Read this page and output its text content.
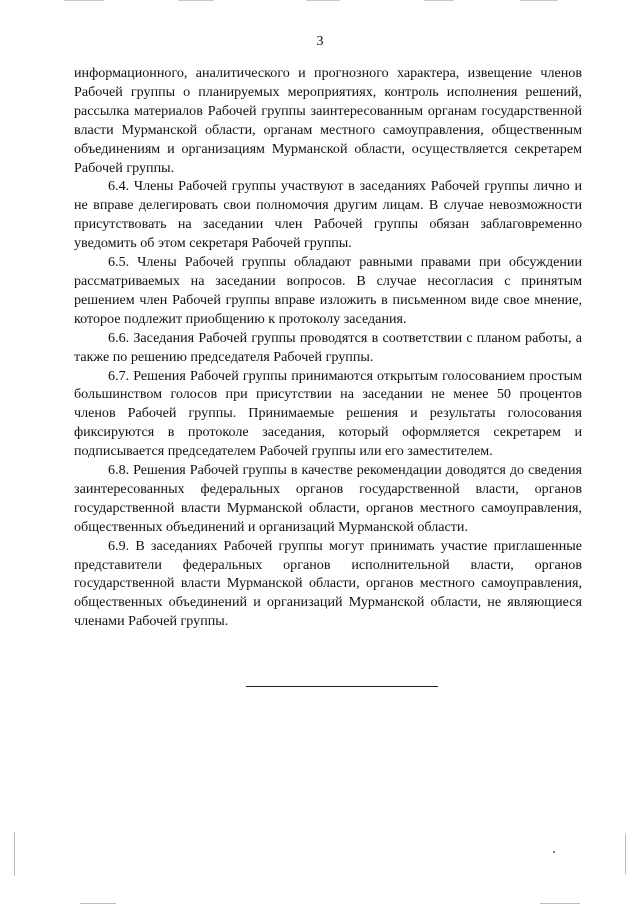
3

информационного, аналитического и прогнозного характера, извещение членов Рабочей группы о планируемых мероприятиях, контроль исполнения решений, рассылка материалов Рабочей группы заинтересованным органам государственной власти Мурманской области, органам местного самоуправления, общественным объединениям и организациям Мурманской области, осуществляется секретарем Рабочей группы.

6.4. Члены Рабочей группы участвуют в заседаниях Рабочей группы лично и не вправе делегировать свои полномочия другим лицам. В случае невозможности присутствовать на заседании член Рабочей группы обязан заблаговременно уведомить об этом секретаря Рабочей группы.

6.5. Члены Рабочей группы обладают равными правами при обсуждении рассматриваемых на заседании вопросов. В случае несогласия с принятым решением член Рабочей группы вправе изложить в письменном виде свое мнение, которое подлежит приобщению к протоколу заседания.

6.6. Заседания Рабочей группы проводятся в соответствии с планом работы, а также по решению председателя Рабочей группы.

6.7. Решения Рабочей группы принимаются открытым голосованием простым большинством голосов при присутствии на заседании не менее 50 процентов членов Рабочей группы. Принимаемые решения и результаты голосования фиксируются в протоколе заседания, который оформляется секретарем и подписывается председателем Рабочей группы или его заместителем.

6.8. Решения Рабочей группы в качестве рекомендации доводятся до сведения заинтересованных федеральных органов государственной власти, органов государственной власти Мурманской области, органов местного самоуправления, общественных объединений и организаций Мурманской области.

6.9. В заседаниях Рабочей группы могут принимать участие приглашенные представители федеральных органов исполнительной власти, органов государственной власти Мурманской области, органов местного самоуправления, общественных объединений и организаций Мурманской области, не являющиеся членами Рабочей группы.
